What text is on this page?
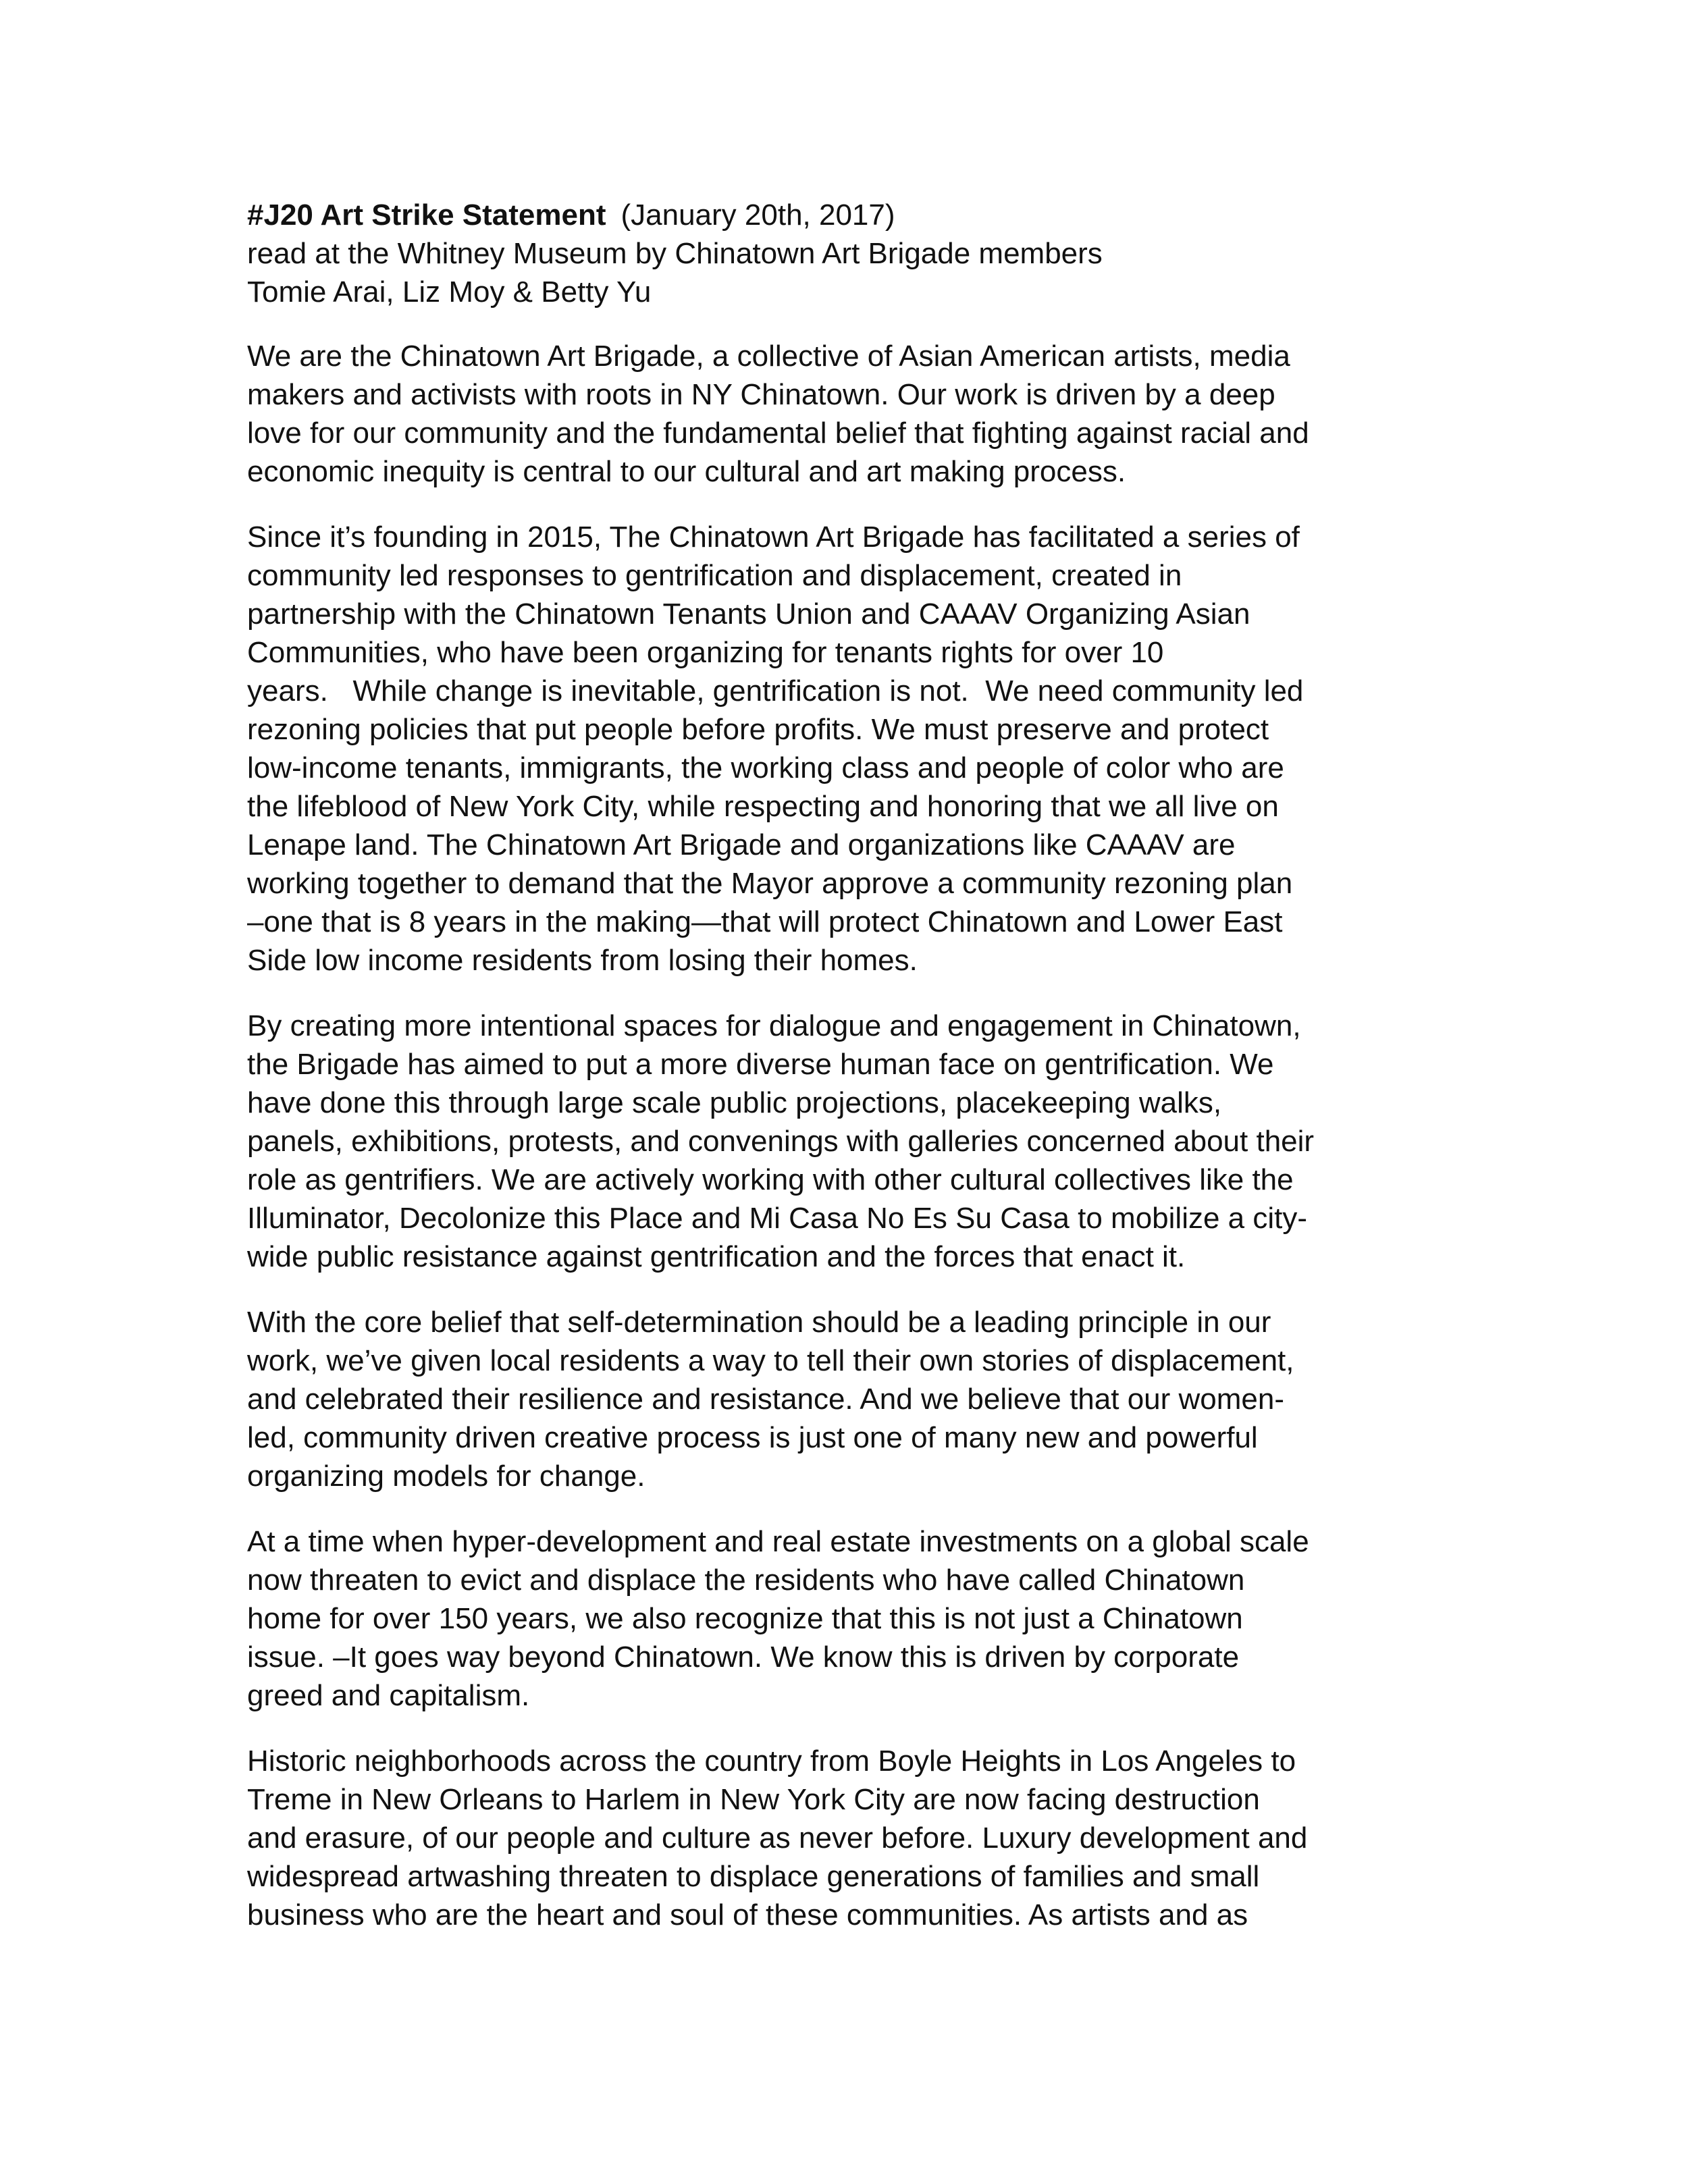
#J20 Art Strike Statement (January 20th, 2017)
read at the Whitney Museum by Chinatown Art Brigade members
Tomie Arai, Liz Moy & Betty Yu
We are the Chinatown Art Brigade, a collective of Asian American artists, media
makers and activists with roots in NY Chinatown. Our work is driven by a deep
love for our community and the fundamental belief that fighting against racial and
economic inequity is central to our cultural and art making process.
Since it’s founding in 2015, The Chinatown Art Brigade has facilitated a series of
community led responses to gentrification and displacement, created in
partnership with the Chinatown Tenants Union and CAAAV Organizing Asian
Communities, who have been organizing for tenants rights for over 10
years.   While change is inevitable, gentrification is not.  We need community led
rezoning policies that put people before profits. We must preserve and protect
low-income tenants, immigrants, the working class and people of color who are
the lifeblood of New York City, while respecting and honoring that we all live on
Lenape land. The Chinatown Art Brigade and organizations like CAAAV are
working together to demand that the Mayor approve a community rezoning plan
–one that is 8 years in the making—that will protect Chinatown and Lower East
Side low income residents from losing their homes.
By creating more intentional spaces for dialogue and engagement in Chinatown,
the Brigade has aimed to put a more diverse human face on gentrification. We
have done this through large scale public projections, placekeeping walks,
panels, exhibitions, protests, and convenings with galleries concerned about their
role as gentrifiers. We are actively working with other cultural collectives like the
Illuminator, Decolonize this Place and Mi Casa No Es Su Casa to mobilize a city-
wide public resistance against gentrification and the forces that enact it.
With the core belief that self-determination should be a leading principle in our
work, we’ve given local residents a way to tell their own stories of displacement,
and celebrated their resilience and resistance. And we believe that our women-
led, community driven creative process is just one of many new and powerful
organizing models for change.
At a time when hyper-development and real estate investments on a global scale
now threaten to evict and displace the residents who have called Chinatown
home for over 150 years, we also recognize that this is not just a Chinatown
issue. –It goes way beyond Chinatown. We know this is driven by corporate
greed and capitalism.
Historic neighborhoods across the country from Boyle Heights in Los Angeles to
Treme in New Orleans to Harlem in New York City are now facing destruction
and erasure, of our people and culture as never before. Luxury development and
widespread artwashing threaten to displace generations of families and small
business who are the heart and soul of these communities. As artists and as
